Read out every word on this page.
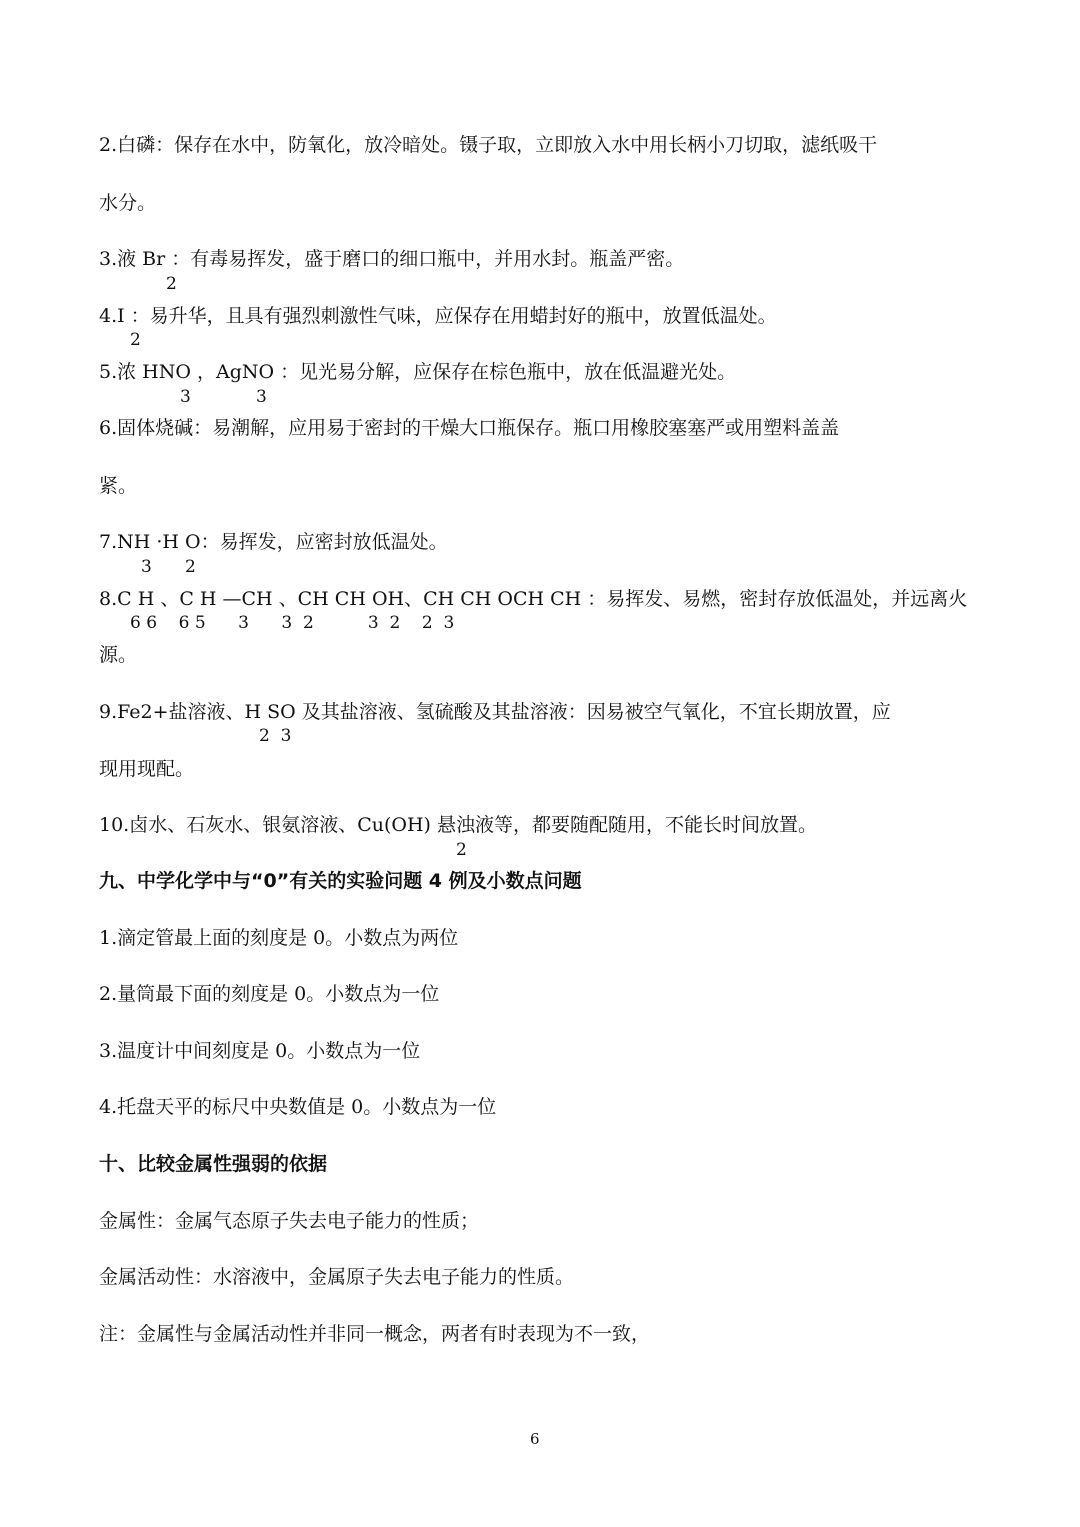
2.白磷：保存在水中，防氧化，放冷暗处。镊子取，立即放入水中用长柄小刀切取，滤纸吸干

水分。

3.液 Br ：有毒易挥发，盛于磨口的细口瓶中，并用水封。瓶盖严密。

2

4.I ：易升华，且具有强烈刺激性气味，应保存在用蜡封好的瓶中，放置低温处。

2

5.浓 HNO ，AgNO ：见光易分解，应保存在棕色瓶中，放在低温避光处。

3	3

6.固体烧碱：易潮解，应用易于密封的干燥大口瓶保存。瓶口用橡胶塞塞严或用塑料盖盖

紧。

7.NH ·H O：易挥发，应密封放低温处。

3 2

8.C H 、C H —CH 、CH CH OH、CH CH OCH CH ：易挥发、易燃，密封存放低温处，并远离火

6 6    6 5      3      3  2          3  2    2  3

源。

9.Fe2+盐溶液、H SO 及其盐溶液、氢硫酸及其盐溶液：因易被空气氧化，不宜长期放置，应

2  3

现用现配。

10.卤水、石灰水、银氨溶液、Cu(OH) 悬浊液等，都要随配随用，不能长时间放置。

2

九、中学化学中与“0”有关的实验问题 4 例及小数点问题

1.滴定管最上面的刻度是 0。小数点为两位

2.量筒最下面的刻度是 0。小数点为一位

3.温度计中间刻度是 0。小数点为一位

4.托盘天平的标尺中央数值是 0。小数点为一位

十、比较金属性强弱的依据

金属性：金属气态原子失去电子能力的性质；

金属活动性：水溶液中，金属原子失去电子能力的性质。

注：金属性与金属活动性并非同一概念，两者有时表现为不一致，

6
